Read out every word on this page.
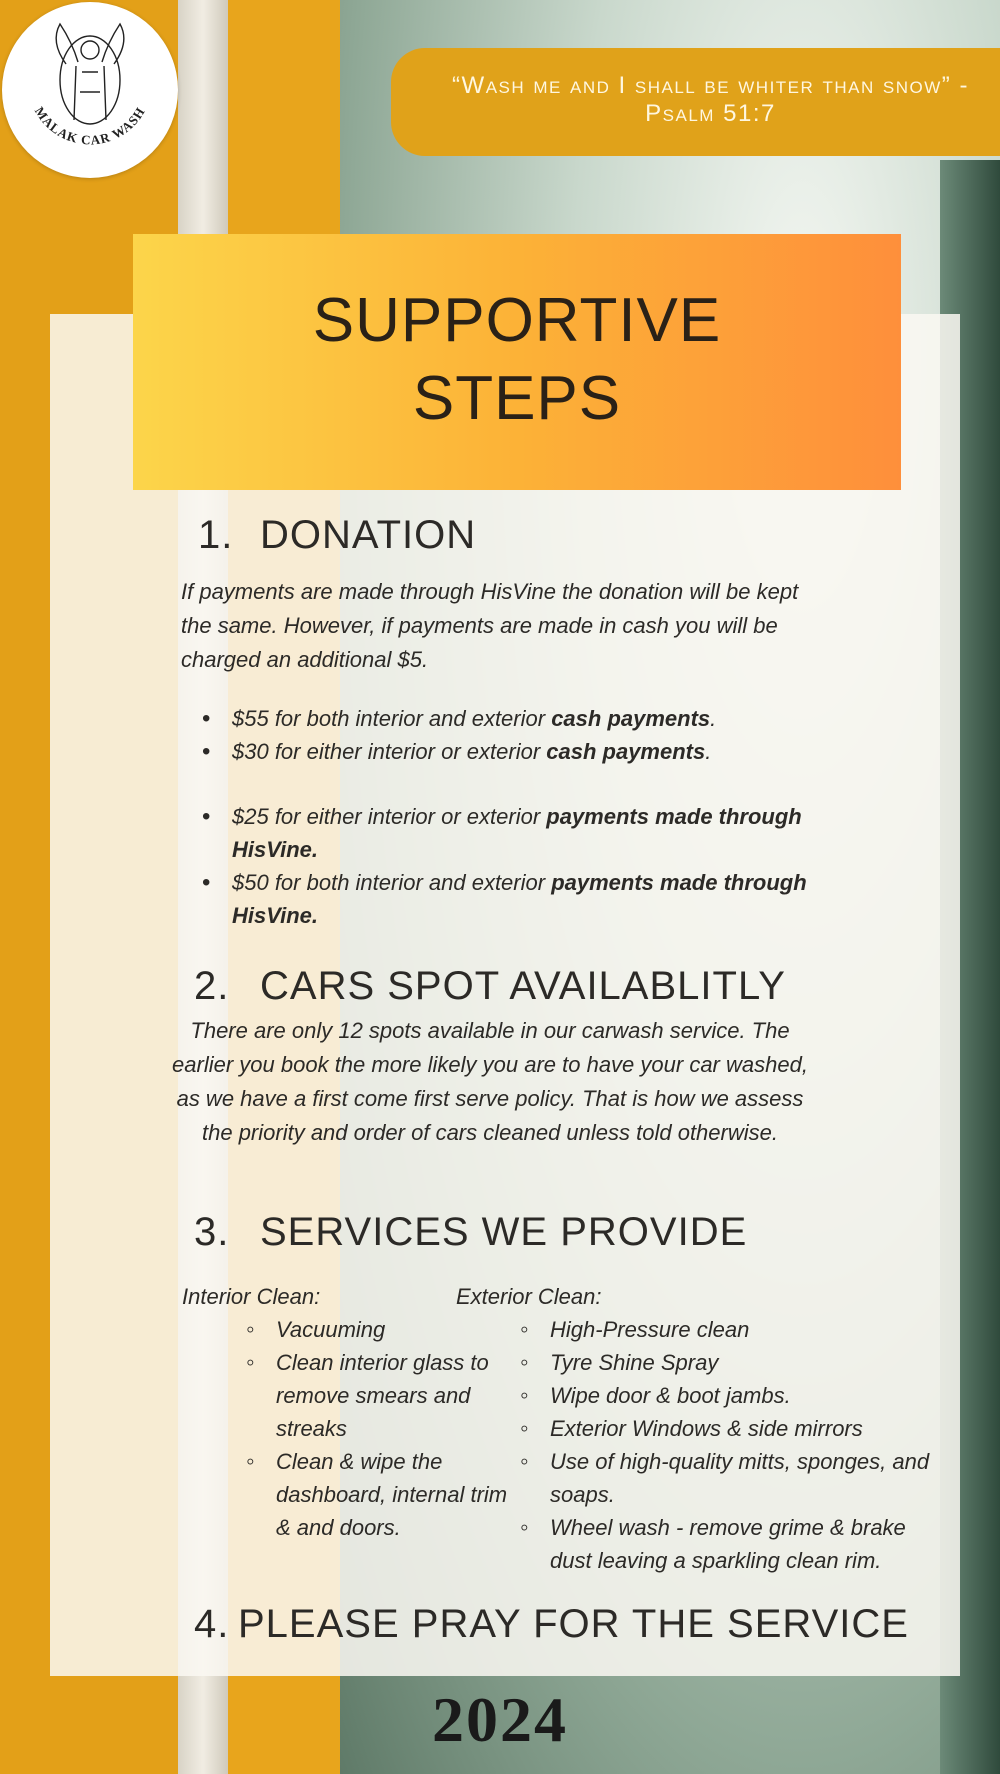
MALAK CAR WASH
“Wash me and I shall be whiter than snow” - Psalm 51:7
SUPPORTIVE
STEPS
1. DONATION
If payments are made through HisVine the donation will be kept the same. However, if payments are made in cash you will be charged an additional $5.
• $55 for both interior and exterior cash payments.
• $30 for either interior or exterior cash payments.
• $25 for either interior or exterior payments made through HisVine.
• $50 for both interior and exterior payments made through HisVine.
2. CARS SPOT AVAILABLITLY
There are only 12 spots available in our carwash service. The earlier you book the more likely you are to have your car washed, as we have a first come first serve policy. That is how we assess the priority and order of cars cleaned unless told otherwise.
3. SERVICES WE PROVIDE
Interior Clean:
◦ Vacuuming
◦ Clean interior glass to remove smears and streaks
◦ Clean & wipe the dashboard, internal trim & and doors.
Exterior Clean:
◦ High-Pressure clean
◦ Tyre Shine Spray
◦ Wipe door & boot jambs.
◦ Exterior Windows & side mirrors
◦ Use of high-quality mitts, sponges, and soaps.
◦ Wheel wash - remove grime & brake dust leaving a sparkling clean rim.
4. PLEASE PRAY FOR THE SERVICE
2024
